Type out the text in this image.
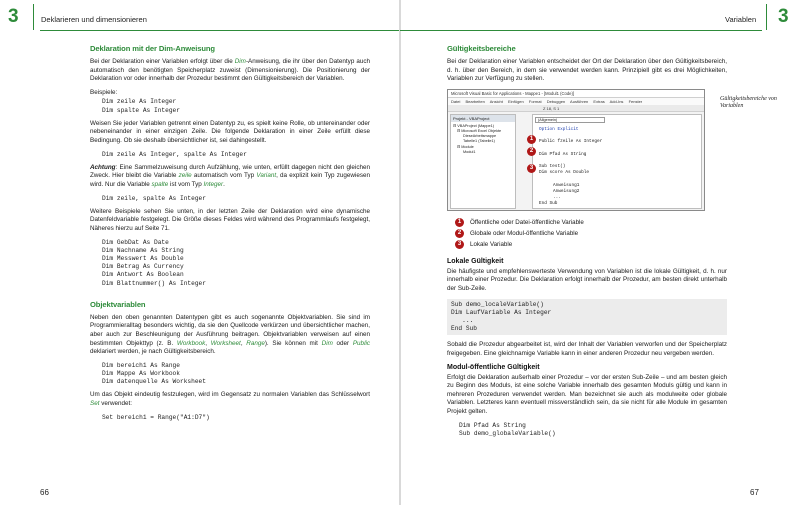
3	Deklarieren und dimensionieren
Deklaration mit der Dim-Anweisung

Bei der Deklaration einer Variablen erfolgt über die Dim-Anweisung, die ihr über den Datentyp auch automatisch den benötigten Speicherplatz zuweist (Dimensionierung). Die Positionierung der Deklaration vor oder innerhalb der Prozedur bestimmt den Gültigkeitsbereich der Variablen.

Beispiele:

Dim zeile As Integer
Dim spalte As Integer

Weisen Sie jeder Variablen getrennt einen Datentyp zu, es spielt keine Rolle, ob untereinander oder nebeneinander in einer einzigen Zeile. Die folgende Deklaration in einer Zeile erfüllt diese Bedingung. Ob sie deshalb übersichtlicher ist, sei dahingestellt.

Dim zeile As Integer, spalte As Integer

Achtung: Eine Sammelzuweisung durch Aufzählung, wie unten, erfüllt dagegen nicht den gleichen Zweck. Hier bleibt die Variable zeile automatisch vom Typ Variant, da explizit kein Typ zugewiesen wird. Nur die Variable spalte ist vom Typ Integer.

Dim zeile, spalte As Integer

Weitere Beispiele sehen Sie unten, in der letzten Zeile der Deklaration wird eine dynamische Datenfeldvariable festgelegt. Die Größe dieses Feldes wird während des Programmlaufs festgelegt, Näheres hierzu auf Seite 71.

Dim GebDat As Date
Dim Nachname As String
Dim Messwert As Double
Dim Betrag As Currency
Dim Antwort As Boolean
Dim Blattnummer() As Integer
Objektvariablen

Neben den oben genannten Datentypen gibt es auch sogenannte Objektvariablen. Sie sind im Programmieralltag besonders wichtig, da sie den Quellcode verkürzen und übersichtlicher machen, aber auch zur Beschleunigung der Ausführung beitragen. Objektvariablen verweisen auf einen bestimmten Objekttyp (z. B. Workbook, Worksheet, Range). Sie können mit Dim oder Public deklariert werden, je nach Gültigkeitsbereich.

Dim bereich1 As Range
Dim Mappe As Workbook
Dim datenquelle As Worksheet

Um das Objekt eindeutig festzulegen, wird im Gegensatz zu normalen Variablen das Schlüsselwort Set verwendet:

Set bereich1 = Range("A1:D7")
66
3
Variablen
Gültigkeitsbereiche von Variablen
Gültigkeitsbereiche

Bei der Deklaration einer Variablen entscheidet der Ort der Deklaration über den Gültigkeitsbereich, d. h. über den Bereich, in dem sie verwendet werden kann. Prinzipiell gibt es drei Möglichkeiten, Variablen zur Verfügung zu stellen.

Microsoft Visual Basic for Applications - Mappe1 - [Modul1 (Code)]
Datei Bearbeiten Ansicht Einfügen Format Debuggen Ausführen Extras Add-Ins Fenster
Z 18, S 1
Projekt - VBAProject
⊟ VBAProject (Mappe1)
⊟ Microsoft Excel Objekte
DieseArbeitsmappe
Tabelle1 (Tabelle1)
⊟ Module
Modul1
(Allgemein)
Option Explicit

Public fzeile As Integer

Dim Pfad As String

Sub test()
Dim score As Double

Anweisung1
Anweisung2
...
End Sub
1
2
3
1 Öffentliche oder Datei-öffentliche Variable
2 Globale oder Modul-öffentliche Variable
3 Lokale Variable
Lokale Gültigkeit

Die häufigste und empfehlenswerteste Verwendung von Variablen ist die lokale Gültigkeit, d. h. nur innerhalb einer Prozedur. Die Deklaration erfolgt innerhalb der Prozedur, am besten direkt unterhalb der Sub-Zeile.

Sub demo_localeVariable()
Dim LaufVariable As Integer
...
End Sub

Sobald die Prozedur abgearbeitet ist, wird der Inhalt der Variablen verworfen und der Speicherplatz freigegeben. Eine gleichnamige Variable kann in einer anderen Prozedur neu vergeben werden.

Modul-öffentliche Gültigkeit

Erfolgt die Deklaration außerhalb einer Prozedur – vor der ersten Sub-Zeile – und am besten gleich zu Beginn des Moduls, ist eine solche Variable innerhalb des gesamten Moduls gültig und kann in mehreren Prozeduren verwendet werden. Man bezeichnet sie auch als modulweite oder globale Variablen. Letzteres kann eventuell missverständlich sein, da sie nicht für alle Module im gesamten Projekt gelten.

Dim Pfad As String
Sub demo_globaleVariable()
67
